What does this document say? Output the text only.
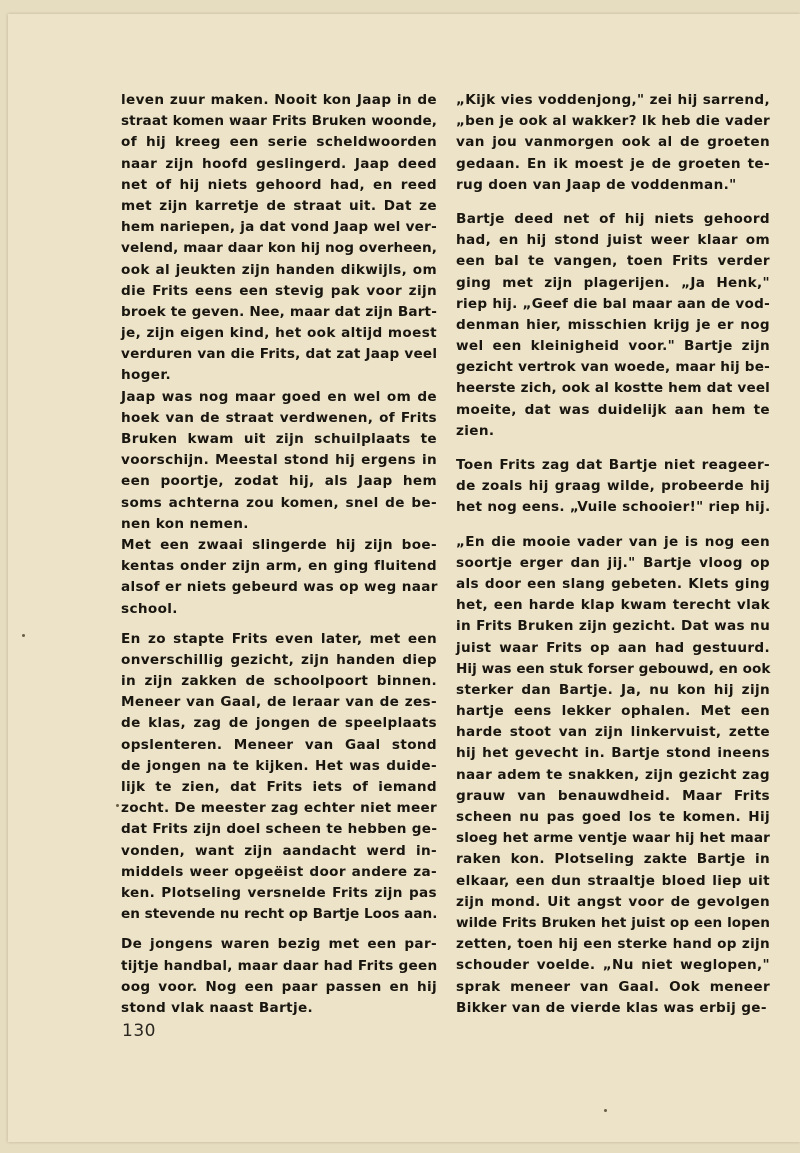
leven zuur maken. Nooit kon Jaap in de
straat komen waar Frits Bruken woonde,
of hij kreeg een serie scheldwoorden
naar zijn hoofd geslingerd. Jaap deed
net of hij niets gehoord had, en reed
met zijn karretje de straat uit. Dat ze
hem nariepen, ja dat vond Jaap wel ver-
velend, maar daar kon hij nog overheen,
ook al jeukten zijn handen dikwijls, om
die Frits eens een stevig pak voor zijn
broek te geven. Nee, maar dat zijn Bart-
je, zijn eigen kind, het ook altijd moest
verduren van die Frits, dat zat Jaap veel
hoger.
Jaap was nog maar goed en wel om de
hoek van de straat verdwenen, of Frits
Bruken kwam uit zijn schuilplaats te
voorschijn. Meestal stond hij ergens in
een poortje, zodat hij, als Jaap hem
soms achterna zou komen, snel de be-
nen kon nemen.
Met een zwaai slingerde hij zijn boe-
kentas onder zijn arm, en ging fluitend
alsof er niets gebeurd was op weg naar
school.
En zo stapte Frits even later, met een
onverschillig gezicht, zijn handen diep
in zijn zakken de schoolpoort binnen.
Meneer van Gaal, de leraar van de zes-
de klas, zag de jongen de speelplaats
opslenteren. Meneer van Gaal stond
de jongen na te kijken. Het was duide-
lijk te zien, dat Frits iets of iemand
zocht. De meester zag echter niet meer
dat Frits zijn doel scheen te hebben ge-
vonden, want zijn aandacht werd in-
middels weer opgeëist door andere za-
ken. Plotseling versnelde Frits zijn pas
en stevende nu recht op Bartje Loos aan.
De jongens waren bezig met een par-
tijtje handbal, maar daar had Frits geen
oog voor. Nog een paar passen en hij
stond vlak naast Bartje.
„Kijk vies voddenjong," zei hij sarrend,
„ben je ook al wakker? Ik heb die vader
van jou vanmorgen ook al de groeten
gedaan. En ik moest je de groeten te-
rug doen van Jaap de voddenman."
Bartje deed net of hij niets gehoord
had, en hij stond juist weer klaar om
een bal te vangen, toen Frits verder
ging met zijn plagerijen. „Ja Henk,"
riep hij. „Geef die bal maar aan de vod-
denman hier, misschien krijg je er nog
wel een kleinigheid voor." Bartje zijn
gezicht vertrok van woede, maar hij be-
heerste zich, ook al kostte hem dat veel
moeite, dat was duidelijk aan hem te
zien.
Toen Frits zag dat Bartje niet reageer-
de zoals hij graag wilde, probeerde hij
het nog eens. „Vuile schooier!" riep hij.
„En die mooie vader van je is nog een
soortje erger dan jij." Bartje vloog op
als door een slang gebeten. Klets ging
het, een harde klap kwam terecht vlak
in Frits Bruken zijn gezicht. Dat was nu
juist waar Frits op aan had gestuurd.
Hij was een stuk forser gebouwd, en ook
sterker dan Bartje. Ja, nu kon hij zijn
hartje eens lekker ophalen. Met een
harde stoot van zijn linkervuist, zette
hij het gevecht in. Bartje stond ineens
naar adem te snakken, zijn gezicht zag
grauw van benauwdheid. Maar Frits
scheen nu pas goed los te komen. Hij
sloeg het arme ventje waar hij het maar
raken kon. Plotseling zakte Bartje in
elkaar, een dun straaltje bloed liep uit
zijn mond. Uit angst voor de gevolgen
wilde Frits Bruken het juist op een lopen
zetten, toen hij een sterke hand op zijn
schouder voelde. „Nu niet weglopen,"
sprak meneer van Gaal. Ook meneer
Bikker van de vierde klas was erbij ge-
130
